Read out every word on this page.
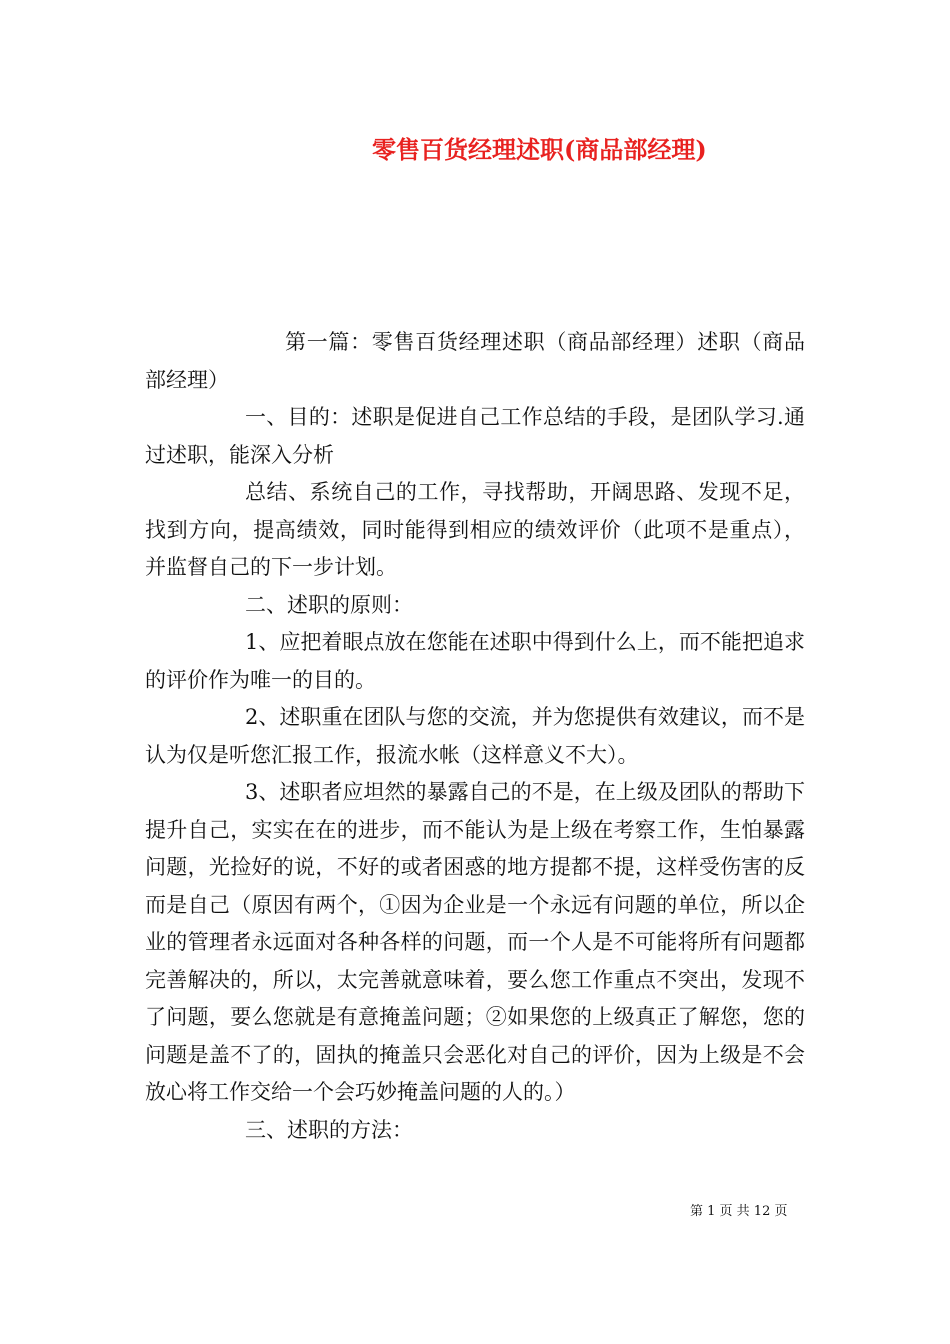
零售百货经理述职(商品部经理)

第一篇：零售百货经理述职（商品部经理）述职（商品部经理）

一、目的：述职是促进自己工作总结的手段，是团队学习.通过述职，能深入分析

总结、系统自己的工作，寻找帮助，开阔思路、发现不足，找到方向，提高绩效，同时能得到相应的绩效评价（此项不是重点），并监督自己的下一步计划。

二、述职的原则：

1、应把着眼点放在您能在述职中得到什么上，而不能把追求的评价作为唯一的目的。

2、述职重在团队与您的交流，并为您提供有效建议，而不是认为仅是听您汇报工作，报流水帐（这样意义不大）。

3、述职者应坦然的暴露自己的不是，在上级及团队的帮助下提升自己，实实在在的进步，而不能认为是上级在考察工作，生怕暴露问题，光捡好的说，不好的或者困惑的地方提都不提，这样受伤害的反而是自己（原因有两个，①因为企业是一个永远有问题的单位，所以企业的管理者永远面对各种各样的问题，而一个人是不可能将所有问题都完善解决的，所以，太完善就意味着，要么您工作重点不突出，发现不了问题，要么您就是有意掩盖问题；②如果您的上级真正了解您，您的问题是盖不了的，固执的掩盖只会恶化对自己的评价，因为上级是不会放心将工作交给一个会巧妙掩盖问题的人的。）

三、述职的方法：

第 1 页 共 12 页
